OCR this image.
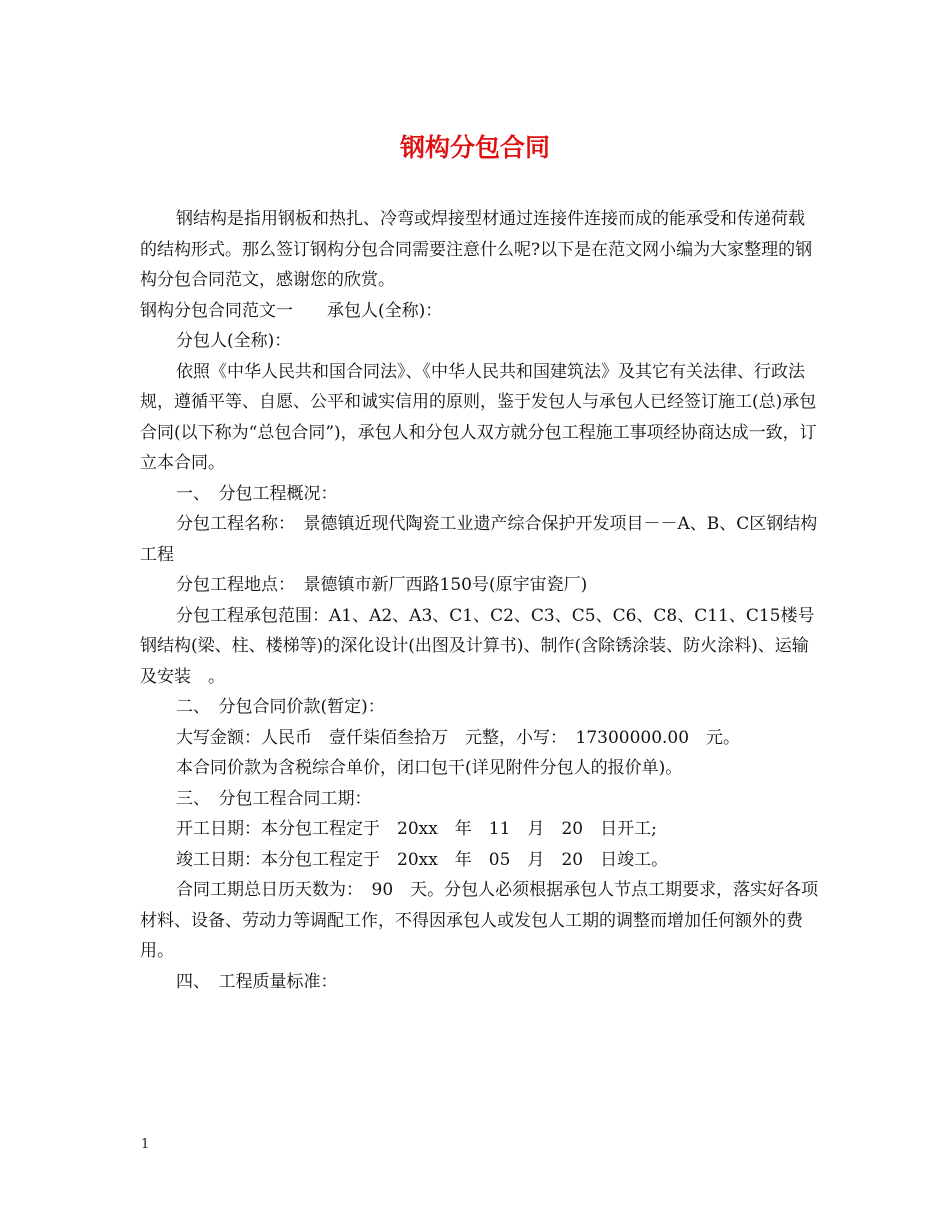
钢构分包合同

钢结构是指用钢板和热扎、冷弯或焊接型材通过连接件连接而成的能承受和传递荷载的结构形式。那么签订钢构分包合同需要注意什么呢?以下是在范文网小编为大家整理的钢构分包合同范文，感谢您的欣赏。

钢构分包合同范文一　　承包人(全称)：

分包人(全称)：

依照《中华人民共和国合同法》、《中华人民共和国建筑法》及其它有关法律、行政法规，遵循平等、自愿、公平和诚实信用的原则，鉴于发包人与承包人已经签订施工(总)承包合同(以下称为“总包合同”)，承包人和分包人双方就分包工程施工事项经协商达成一致，订立本合同。

一、　分包工程概况：

分包工程名称：　景德镇近现代陶瓷工业遗产综合保护开发项目－－A、B、C区钢结构工程

分包工程地点：　景德镇市新厂西路150号(原宇宙瓷厂)

分包工程承包范围：A1、A2、A3、C1、C2、C3、C5、C6、C8、C11、C15楼号钢结构(梁、柱、楼梯等)的深化设计(出图及计算书)、制作(含除锈涂装、防火涂料)、运输及安装　。

二、　分包合同价款(暂定)：

大写金额：人民币　壹仟柒佰叁拾万　元整，小写：　17300000.00　元。

本合同价款为含税综合单价，闭口包干(详见附件分包人的报价单)。

三、　分包工程合同工期：

开工日期：本分包工程定于　20xx　年　11　月　20　日开工;

竣工日期：本分包工程定于　20xx　年　05　月　20　日竣工。

合同工期总日历天数为：　90　天。分包人必须根据承包人节点工期要求，落实好各项材料、设备、劳动力等调配工作，不得因承包人或发包人工期的调整而增加任何额外的费用。

四、　工程质量标准：

1
